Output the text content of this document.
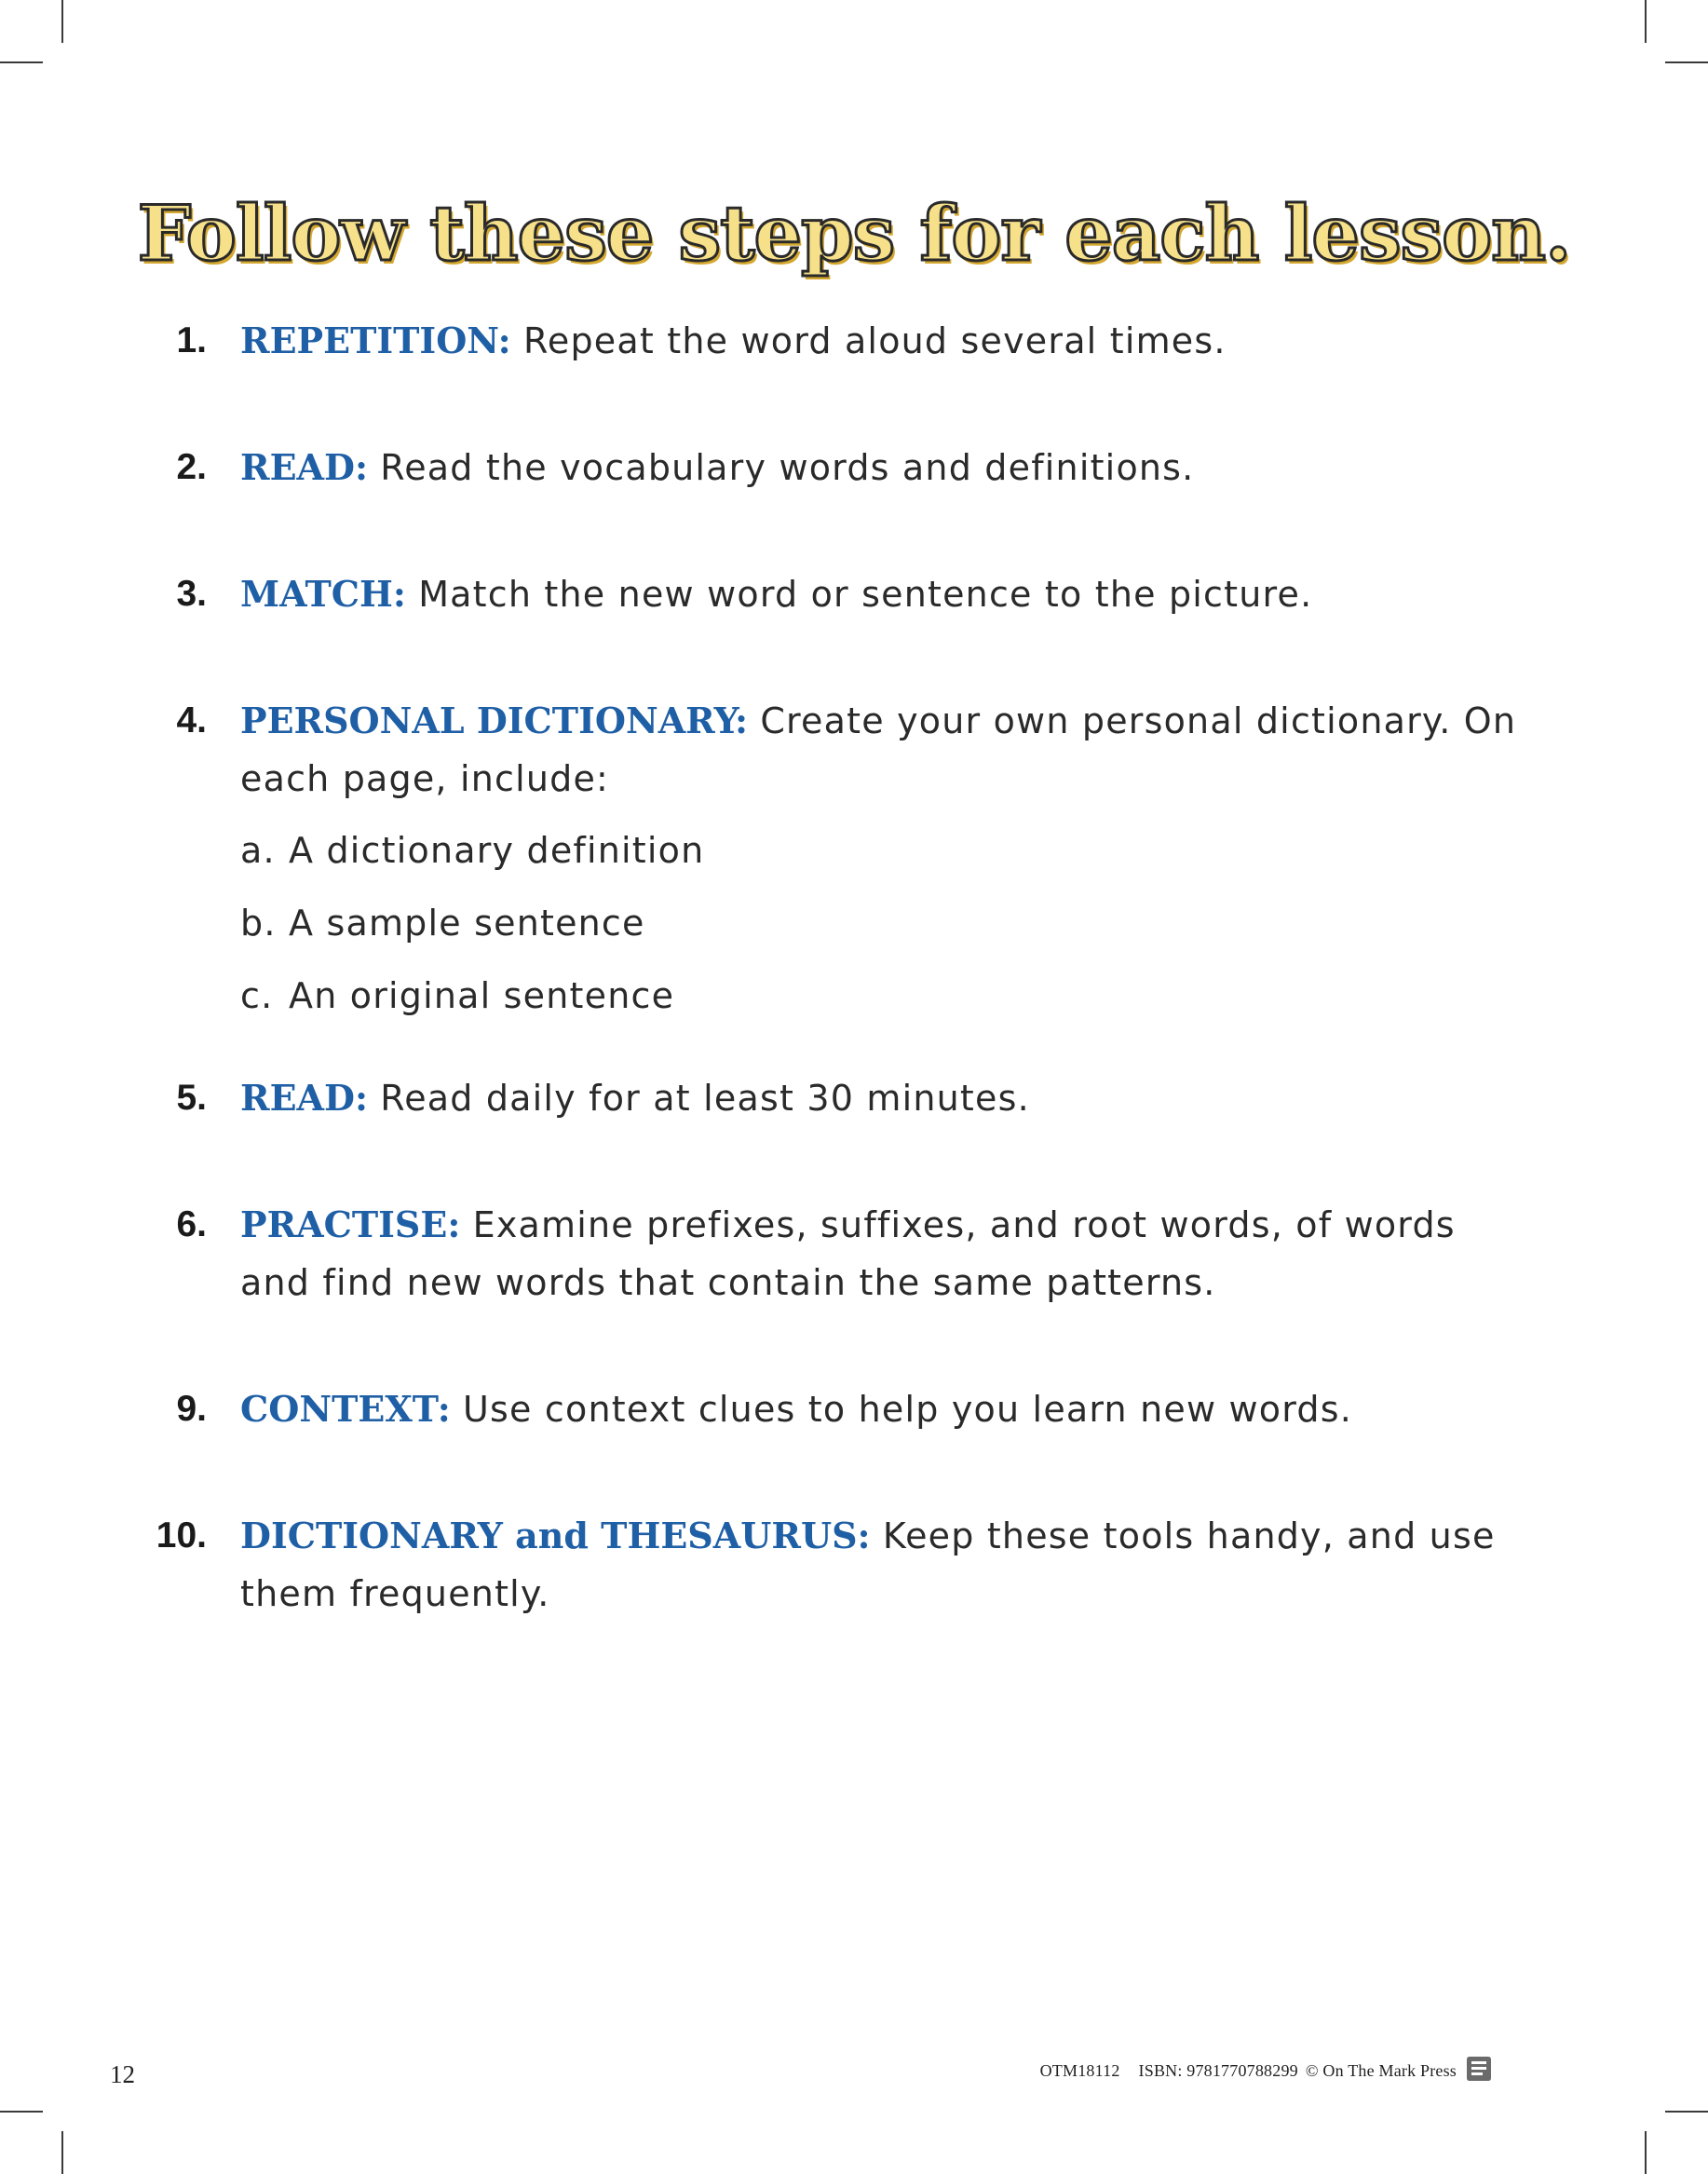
Follow these steps for each lesson.
1. REPETITION: Repeat the word aloud several times.
2. READ: Read the vocabulary words and definitions.
3. MATCH: Match the new word or sentence to the picture.
4. PERSONAL DICTIONARY: Create your own personal dictionary. On each page, include:
a. A dictionary definition
b. A sample sentence
c. An original sentence
5. READ: Read daily for at least 30 minutes.
6. PRACTISE: Examine prefixes, suffixes, and root words, of words and find new words that contain the same patterns.
9. CONTEXT: Use context clues to help you learn new words.
10. DICTIONARY and THESAURUS: Keep these tools handy, and use them frequently.
12	OTM18112 ISBN: 9781770788299 © On The Mark Press
